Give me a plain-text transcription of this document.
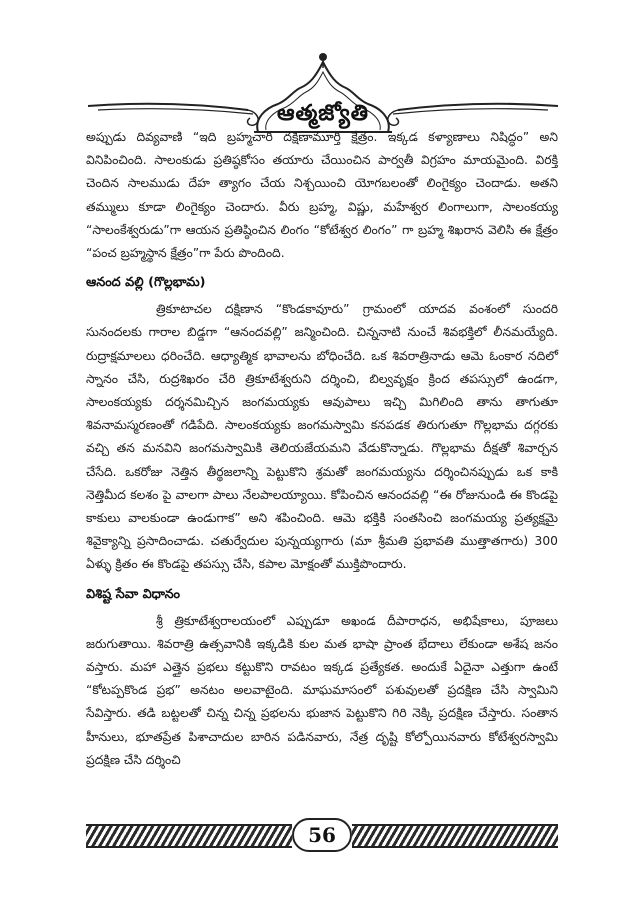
ఆత్మజ్యోతి

అప్పుడు దివ్యవాణి “ఇది బ్రహ్మచారి దక్షిణామూర్తి క్షేత్రం. ఇక్కడ కళ్యాణాలు నిషిద్ధం” అని వినిపించింది. సాలంకుడు ప్రతిష్ఠకోసం తయారు చేయించిన పార్వతీ విగ్రహం మాయమైంది. విరక్తి చెందిన సాలముడు దేహ త్యాగం చేయ నిశ్చయించి యోగబలంతో లింగైక్యం చెందాడు. అతని తమ్ములు కూడా లింగైక్యం చెందారు. వీరు బ్రహ్మ, విష్ణు, మహేశ్వర లింగాలుగా, సాలంకయ్య “సాలంకేశ్వరుడు”గా ఆయన ప్రతిష్ఠించిన లింగం “కోటేశ్వర లింగం” గా బ్రహ్మ శిఖరాన వెలిసి ఈ క్షేత్రం “పంచ బ్రహ్మస్థాన క్షేత్రం”గా పేరు పొందింది.

ఆనంద వల్లి (గొల్లభామ)

త్రికూటాచల దక్షిణాన “కొండకావూరు” గ్రామంలో యాదవ వంశంలో సుందరి సునందలకు గారాల బిడ్డగా “ఆనందవల్లి” జన్మించింది. చిన్ననాటి నుంచే శివభక్తిలో లీనమయ్యేది. రుద్రాక్షమాలలు ధరించేది. ఆధ్యాత్మిక భావాలను బోధించేది. ఒక శివరాత్రినాడు ఆమె ఓంకార నదిలో స్నానం చేసి, రుద్రశిఖరం చేరి త్రికూటేశ్వరుని దర్శించి, బిల్వవృక్షం క్రింద తపస్సులో ఉండగా, సాలంకయ్యకు దర్శనమిచ్చిన జంగమయ్యకు ఆవుపాలు ఇచ్చి మిగిలింది తాను తాగుతూ శివనామస్మరణంతో గడిపేది. సాలంకయ్యకు జంగమస్వామి కనపడక తిరుగుతూ గొల్లభామ దగ్గరకు వచ్చి తన మనవిని జంగమస్వామికి తెలియజేయమని వేడుకొన్నాడు. గొల్లభామ దీక్షతో శివార్చన చేసేది. ఒకరోజు నెత్తిన తీర్థజలాన్ని పెట్టుకొని శ్రమతో జంగమయ్యను దర్శించినప్పుడు ఒక కాకి నెత్తిమీద కలశం పై వాలగా పాలు నేలపాలయ్యాయి. కోపించిన ఆనందవల్లి “ఈ రోజునుండి ఈ కొండపై కాకులు వాలకుండా ఉండుగాక” అని శపించింది. ఆమె భక్తికి సంతసించి జంగమయ్య ప్రత్యక్షమై శివైక్యాన్ని ప్రసాదించాడు. చతుర్వేదుల పున్నయ్యగారు (మా శ్రీమతి ప్రభావతి ముత్తాతగారు) 300 ఏళ్ళు క్రితం ఈ కొండపై తపస్సు చేసి, కపాల మోక్షంతో ముక్తిపొందారు.

విశిష్ట సేవా విధానం

శ్రీ త్రికూటేశ్వరాలయంలో ఎప్పుడూ అఖండ దీపారాధన, అభిషేకాలు, పూజలు జరుగుతాయి. శివరాత్రి ఉత్సవానికి ఇక్కడికి కుల మత భాషా ప్రాంత భేదాలు లేకుండా అశేష జనం వస్తారు. మహా ఎత్తైన ప్రభలు కట్టుకొని రావటం ఇక్కడ ప్రత్యేకత. అందుకే ఏదైనా ఎత్తుగా ఉంటే “కోటప్పకొండ ప్రభ” అనటం అలవాటైంది. మాఘమాసంలో పశువులతో ప్రదక్షిణ చేసి స్వామిని సేవిస్తారు. తడి బట్టలతో చిన్న చిన్న ప్రభలను భుజాన పెట్టుకొని గిరి నెక్కి ప్రదక్షిణ చేస్తారు. సంతాన హీనులు, భూతప్రేత పిశాచాదుల బారిన పడినవారు, నేత్ర దృష్టి కోల్పోయినవారు కోటేశ్వరస్వామి ప్రదక్షిణ చేసి దర్శించి

56
